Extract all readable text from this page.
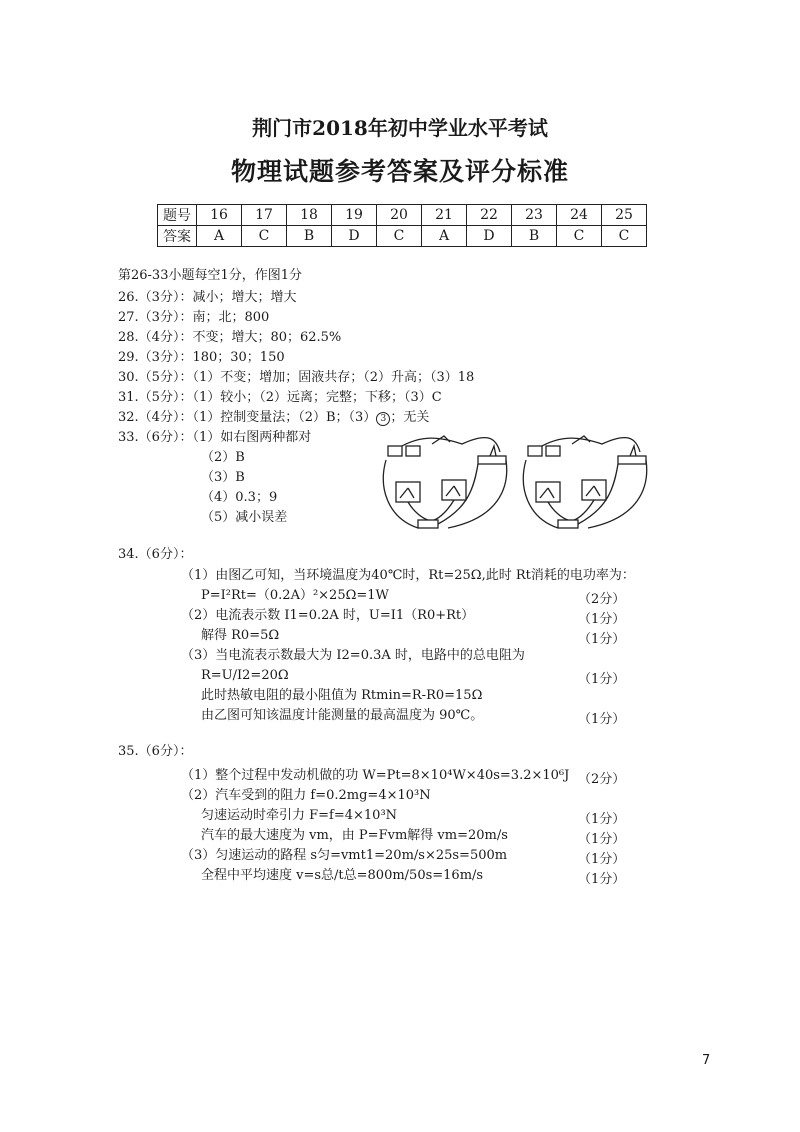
荆门市2018年初中学业水平考试
物理试题参考答案及评分标准
题号	16	17	18	19	20	21	22	23	24	25
答案	A	C	B	D	C	A	D	B	C	C
第26-33小题每空1分，作图1分
26.（3分）：减小；增大；增大
27.（3分）：南；北；800
28.（4分）：不变；增大；80；62.5%
29.（3分）：180；30；150
30.（5分）：（1）不变；增加；固液共存；（2）升高；（3）18
31.（5分）：（1）较小；（2）远离；完整；下移；（3）C
32.（4分）：（1）控制变量法；（2）B；（3） 3 ；无关
33.（6分）：（1）如右图两种都对
（2）B
（3）B
（4）0.3；9
（5）减小误差
34.（6分）：
（1）由图乙可知，当环境温度为40℃时，Rt=25Ω,此时 Rt消耗的电功率为：
P=I²Rt=（0.2A）²×25Ω=1W	（2分）
（2）电流表示数 I1=0.2A 时，U=I1（R0+Rt）	（1分）
解得 R0=5Ω	（1分）
（3）当电流表示数最大为 I2=0.3A 时，电路中的总电阻为
R=U/I2=20Ω	（1分）
此时热敏电阻的最小阻值为 Rtmin=R-R0=15Ω
由乙图可知该温度计能测量的最高温度为 90℃。	（1分）
35.（6分）：
（1）整个过程中发动机做的功 W=Pt=8×10⁴W×40s=3.2×10⁶J （2分）
（2）汽车受到的阻力 f=0.2mg=4×10³N
匀速运动时牵引力 F=f=4×10³N	（1分）
汽车的最大速度为 vm，由 P=Fvm解得 vm=20m/s	（1分）
（3）匀速运动的路程 s匀=vmt1=20m/s×25s=500m	（1分）
全程中平均速度 v=s总/t总=800m/50s=16m/s	（1分）
7
